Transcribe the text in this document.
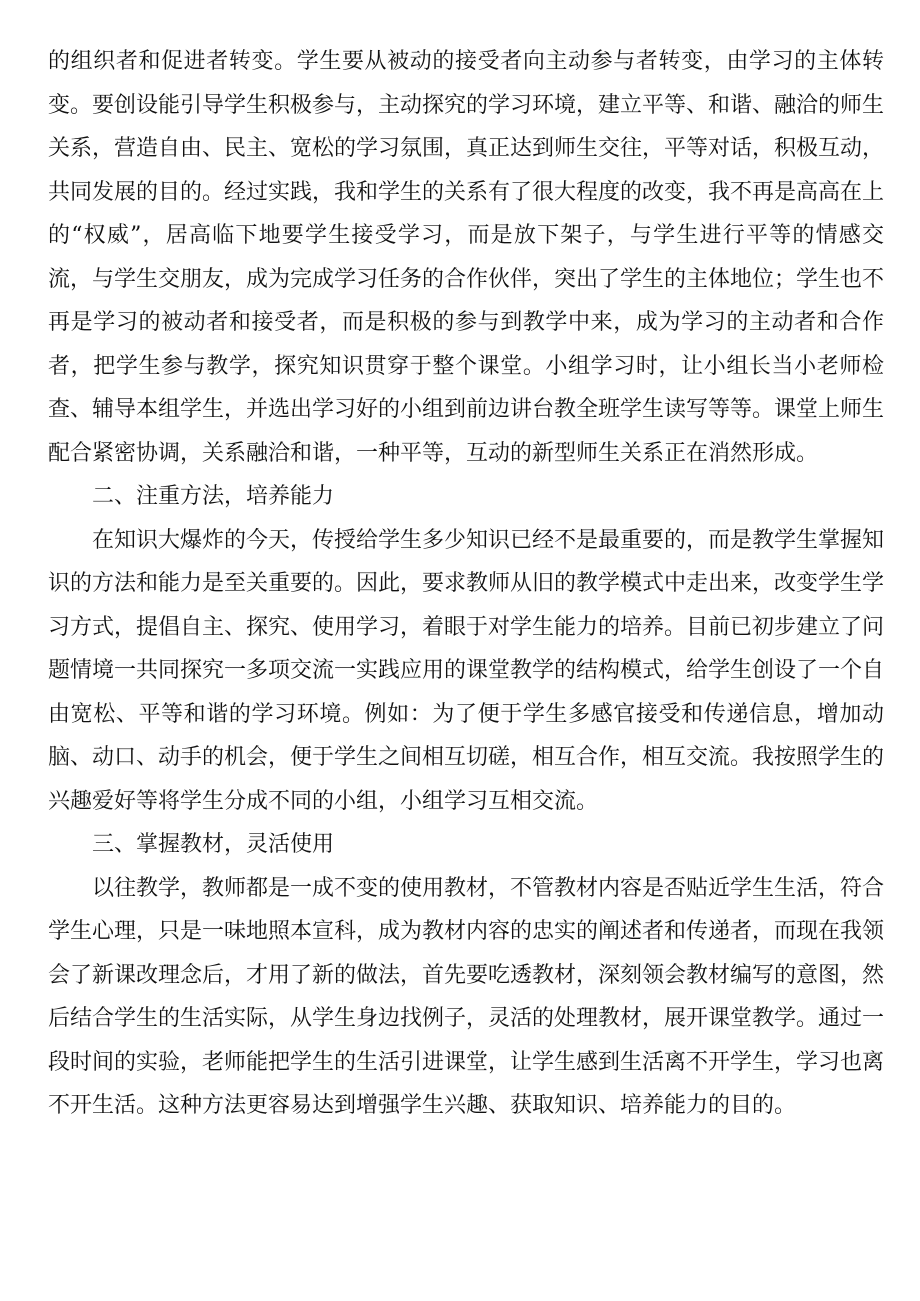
的组织者和促进者转变。学生要从被动的接受者向主动参与者转变，由学习的主体转变。要创设能引导学生积极参与，主动探究的学习环境，建立平等、和谐、融洽的师生关系，营造自由、民主、宽松的学习氛围，真正达到师生交往，平等对话，积极互动，共同发展的目的。经过实践，我和学生的关系有了很大程度的改变，我不再是高高在上的“权威”，居高临下地要学生接受学习，而是放下架子，与学生进行平等的情感交流，与学生交朋友，成为完成学习任务的合作伙伴，突出了学生的主体地位；学生也不再是学习的被动者和接受者，而是积极的参与到教学中来，成为学习的主动者和合作者，把学生参与教学，探究知识贯穿于整个课堂。小组学习时，让小组长当小老师检查、辅导本组学生，并选出学习好的小组到前边讲台教全班学生读写等等。课堂上师生配合紧密协调，关系融洽和谐，一种平等，互动的新型师生关系正在消然形成。

二、注重方法，培养能力

在知识大爆炸的今天，传授给学生多少知识已经不是最重要的，而是教学生掌握知识的方法和能力是至关重要的。因此，要求教师从旧的教学模式中走出来，改变学生学习方式，提倡自主、探究、使用学习，着眼于对学生能力的培养。目前已初步建立了问题情境一共同探究一多项交流一实践应用的课堂教学的结构模式，给学生创设了一个自由宽松、平等和谐的学习环境。例如：为了便于学生多感官接受和传递信息，增加动脑、动口、动手的机会，便于学生之间相互切磋，相互合作，相互交流。我按照学生的兴趣爱好等将学生分成不同的小组，小组学习互相交流。

三、掌握教材，灵活使用

以往教学，教师都是一成不变的使用教材，不管教材内容是否贴近学生生活，符合学生心理，只是一味地照本宣科，成为教材内容的忠实的阐述者和传递者，而现在我领会了新课改理念后，才用了新的做法，首先要吃透教材，深刻领会教材编写的意图，然后结合学生的生活实际，从学生身边找例子，灵活的处理教材，展开课堂教学。通过一段时间的实验，老师能把学生的生活引进课堂，让学生感到生活离不开学生，学习也离不开生活。这种方法更容易达到增强学生兴趣、获取知识、培养能力的目的。
